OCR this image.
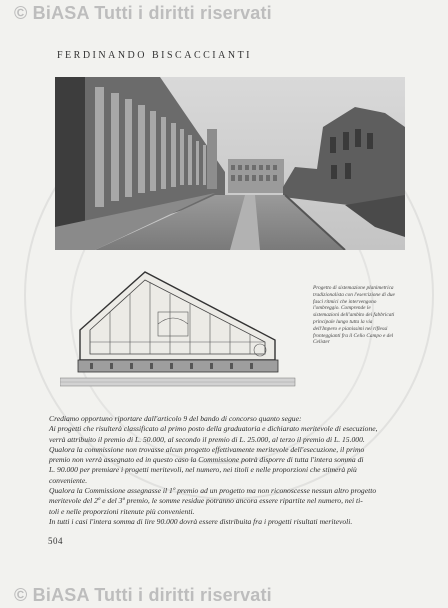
© BiASA Tutti i diritti riservati
FERDINANDO BISCACCIANTI
Progetto di sistemazione planimetrica tradizionalista con l'esercizione di due fasci ritmici che intervengono l'ombreggio. Comprende le sistemazioni dell'ambito dei fabbricati principale lungo tutta la via dell'Impero e pianissimi nei riflessi fronteggianti fra il Celio Campo e del Celister

Crediamo opportuno riportare dall'articolo 9 del bando di concorso quanto segue:

Ai progetti che risulterà classificato al primo posto della graduatoria e dichiarato meritevole di esecuzione,

verrà attribuito il premio di L. 50.000, al secondo il premio di L. 25.000, al terzo il premio di L. 15.000.

Qualora la commissione non trovasse alcun progetto effettivamente meritevole dell'esecuzione, il primo

premio non verrà assegnato ed in questo caso la Commissione potrà disporre di tutta l'intera somma di

L. 90.000 per premiare i progetti meritevoli, nel numero, nei titoli e nelle proporzioni che stimerà più

conveniente.

Qualora la Commissione assegnasse il 1º premio ad un progetto ma non riconoscesse nessun altro progetto

meritevole del 2º e del 3º premio, le somme residue potranno ancora essere ripartite nel numero, nei ti-

toli e nelle proporzioni ritenute più convenienti.

In tutti i casi l'intera somma di lire 90.000 dovrà essere distribuita fra i progetti risultati meritevoli.

504
© BiASA Tutti i diritti riservati
